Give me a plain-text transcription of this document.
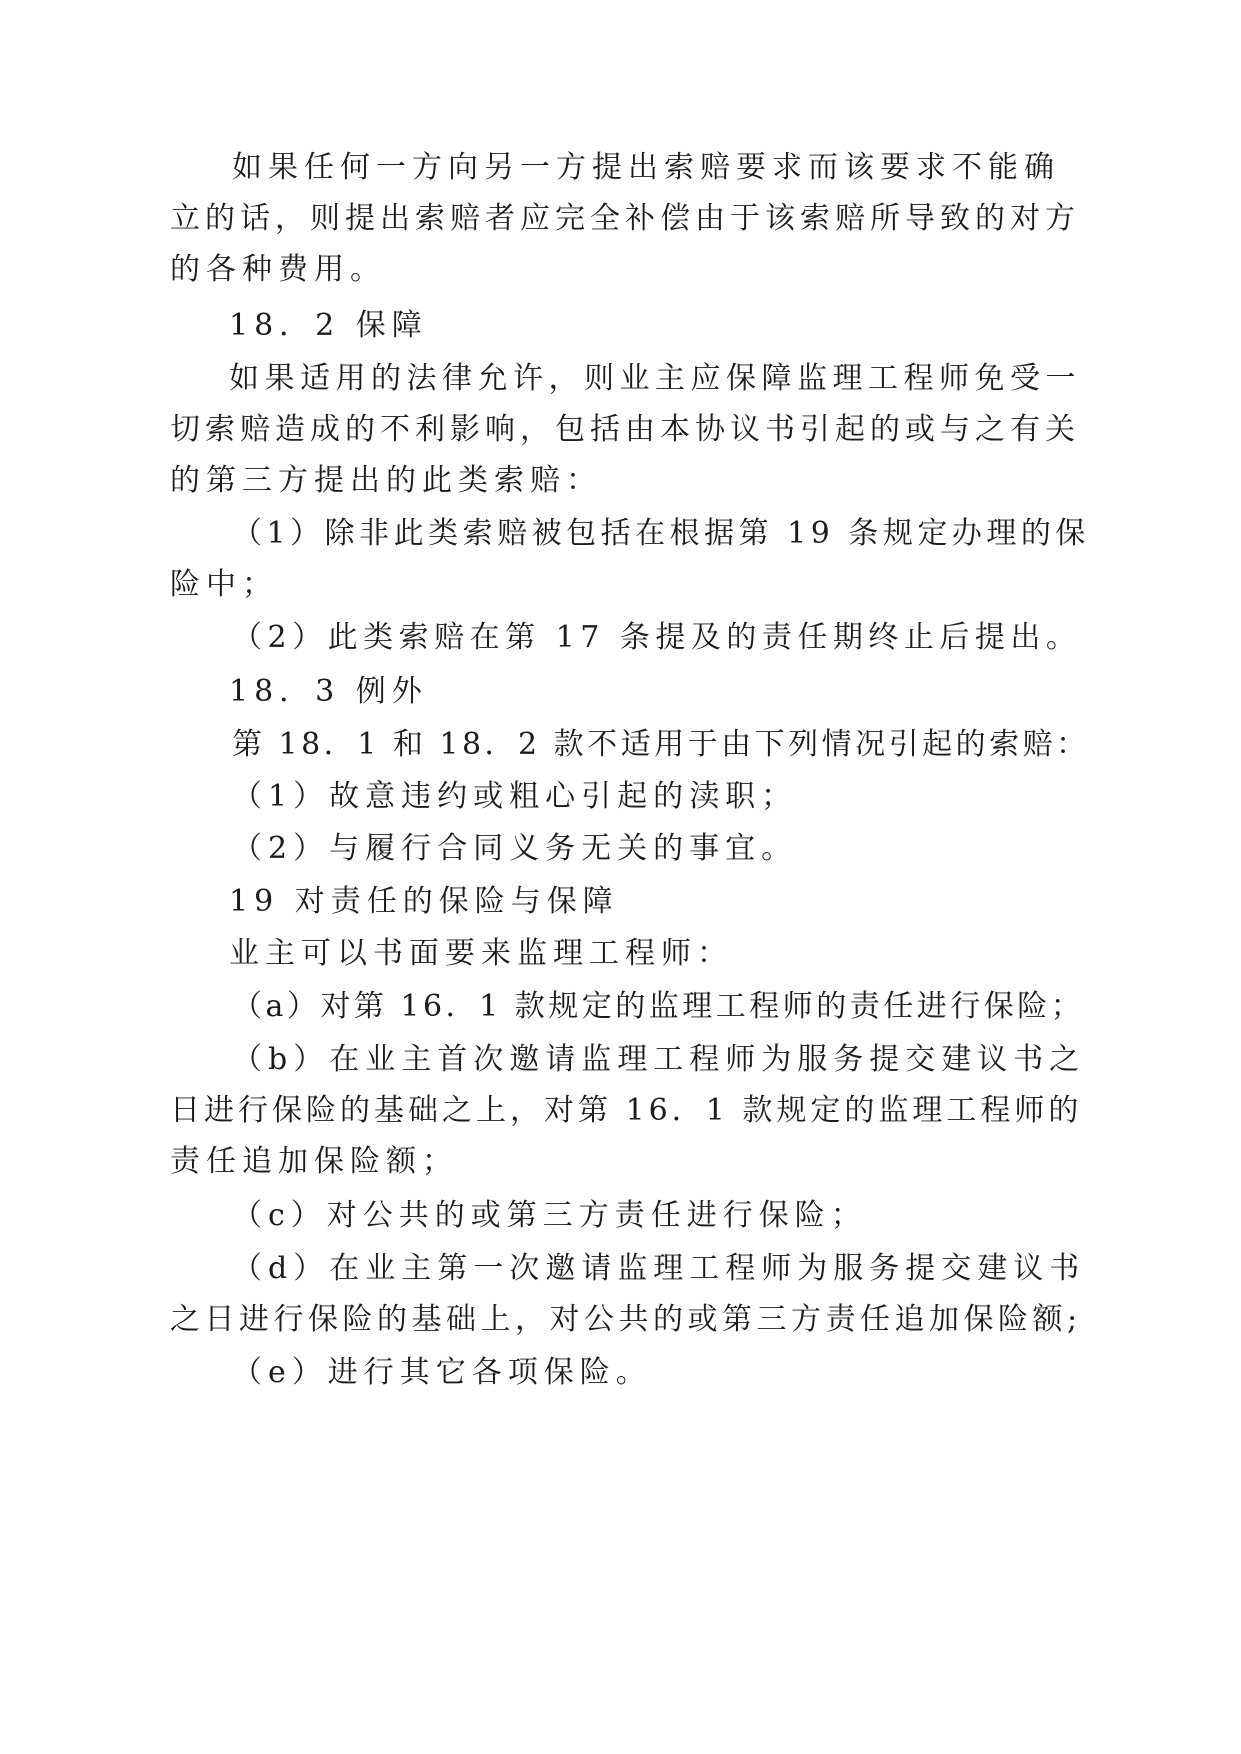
如果任何一方向另一方提出索赔要求而该要求不能确
立的话，则提出索赔者应完全补偿由于该索赔所导致的对方
的各种费用。
18．2 保障
如果适用的法律允许，则业主应保障监理工程师免受一
切索赔造成的不利影响，包括由本协议书引起的或与之有关
的第三方提出的此类索赔：
（1）除非此类索赔被包括在根据第 19 条规定办理的保
险中；
（2）此类索赔在第 17 条提及的责任期终止后提出。
18．3 例外
第 18．1 和 18．2 款不适用于由下列情况引起的索赔：
（1）故意违约或粗心引起的渎职；
（2）与履行合同义务无关的事宜。
19 对责任的保险与保障
业主可以书面要来监理工程师：
（a）对第 16．1 款规定的监理工程师的责任进行保险；
（b）在业主首次邀请监理工程师为服务提交建议书之
日进行保险的基础之上，对第 16．1 款规定的监理工程师的
责任追加保险额；
（c）对公共的或第三方责任进行保险；
（d）在业主第一次邀请监理工程师为服务提交建议书
之日进行保险的基础上，对公共的或第三方责任追加保险额;
（e）进行其它各项保险。
